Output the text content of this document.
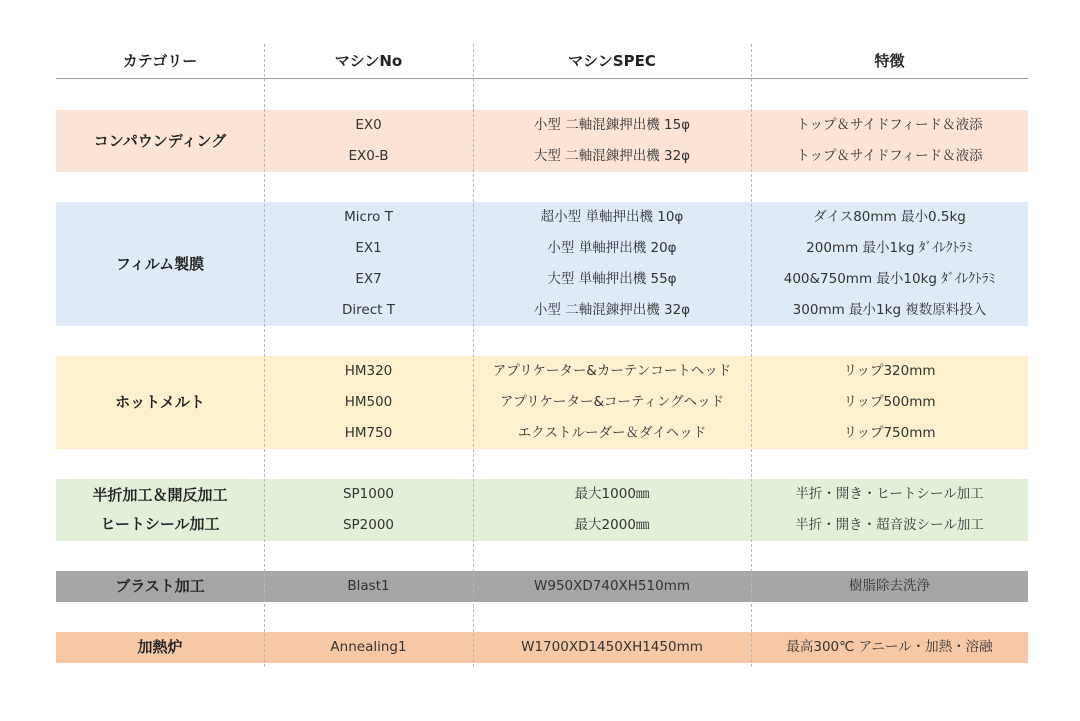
カテゴリー	マシンNo	マシンSPEC	特徴
コンパウンディング
EX0	小型 二軸混錬押出機 15φ	トップ＆サイドフィード＆液添
EX0-B	大型 二軸混錬押出機 32φ	トップ＆サイドフィード＆液添
フィルム製膜
Micro T	超小型 単軸押出機 10φ	ダイス80mm 最小0.5kg
EX1	小型 単軸押出機 20φ	200mm 最小1kg ﾀﾞｲﾚｸﾄﾗﾐ
EX7	大型 単軸押出機 55φ	400&750mm 最小10kg ﾀﾞｲﾚｸﾄﾗﾐ
Direct T	小型 二軸混錬押出機 32φ	300mm 最小1kg 複数原料投入
ホットメルト
HM320	アプリケーター&カーテンコートヘッド	リップ320mm
HM500	アプリケーター&コーティングヘッド	リップ500mm
HM750	エクストルーダー＆ダイヘッド	リップ750mm
半折加工＆開反加工
ヒートシール加工
SP1000	最大1000㎜	半折・開き・ヒートシール加工
SP2000	最大2000㎜	半折・開き・超音波シール加工
ブラスト加工	Blast1	W950XD740XH510mm	樹脂除去洗浄
加熱炉	Annealing1	W1700XD1450XH1450mm	最高300℃ アニール・加熱・溶融
